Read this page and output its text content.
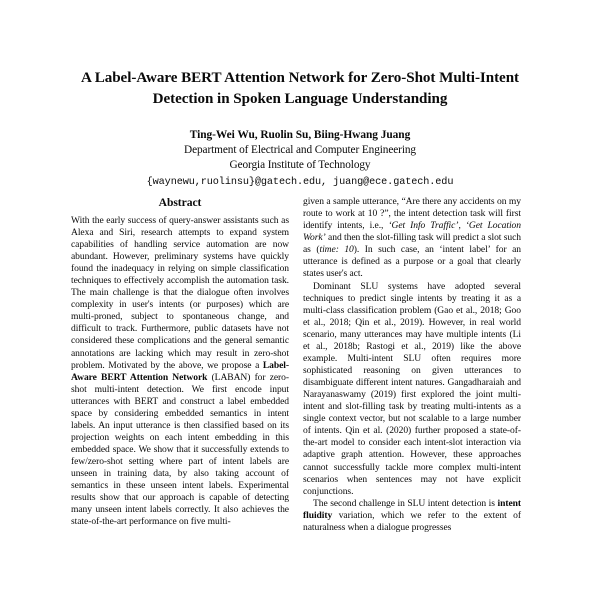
A Label-Aware BERT Attention Network for Zero-Shot Multi-Intent
Detection in Spoken Language Understanding
Ting-Wei Wu, Ruolin Su, Biing-Hwang Juang
Department of Electrical and Computer Engineering
Georgia Institute of Technology
{waynewu,ruolinsu}@gatech.edu, juang@ece.gatech.edu
Abstract

With the early success of query-answer assistants such as Alexa and Siri, research attempts to expand system capabilities of handling service automation are now abundant. However, preliminary systems have quickly found the inadequacy in relying on simple classification techniques to effectively accomplish the automation task. The main challenge is that the dialogue often involves complexity in user's intents (or purposes) which are multi-proned, subject to spontaneous change, and difficult to track. Furthermore, public datasets have not considered these complications and the general semantic annotations are lacking which may result in zero-shot problem. Motivated by the above, we propose a Label-Aware BERT Attention Network (LABAN) for zero-shot multi-intent detection. We first encode input utterances with BERT and construct a label embedded space by considering embedded semantics in intent labels. An input utterance is then classified based on its projection weights on each intent embedding in this embedded space. We show that it successfully extends to few/zero-shot setting where part of intent labels are unseen in training data, by also taking account of semantics in these unseen intent labels. Experimental results show that our approach is capable of detecting many unseen intent labels correctly. It also achieves the state-of-the-art performance on five multi-

given a sample utterance, “Are there any accidents on my route to work at 10 ?”, the intent detection task will first identify intents, i.e., ‘Get Info Traffic’, ‘Get Location Work’ and then the slot-filling task will predict a slot such as (time: 10). In such case, an ‘intent label’ for an utterance is defined as a purpose or a goal that clearly states user's act.

Dominant SLU systems have adopted several techniques to predict single intents by treating it as a multi-class classification problem (Gao et al., 2018; Goo et al., 2018; Qin et al., 2019). However, in real world scenario, many utterances may have multiple intents (Li et al., 2018b; Rastogi et al., 2019) like the above example. Multi-intent SLU often requires more sophisticated reasoning on given utterances to disambiguate different intent natures. Gangadharaiah and Narayanaswamy (2019) first explored the joint multi-intent and slot-filling task by treating multi-intents as a single context vector, but not scalable to a large number of intents. Qin et al. (2020) further proposed a state-of-the-art model to consider each intent-slot interaction via adaptive graph attention. However, these approaches cannot successfully tackle more complex multi-intent scenarios when sentences may not have explicit conjunctions.

The second challenge in SLU intent detection is intent fluidity variation, which we refer to the extent of naturalness when a dialogue progresses
